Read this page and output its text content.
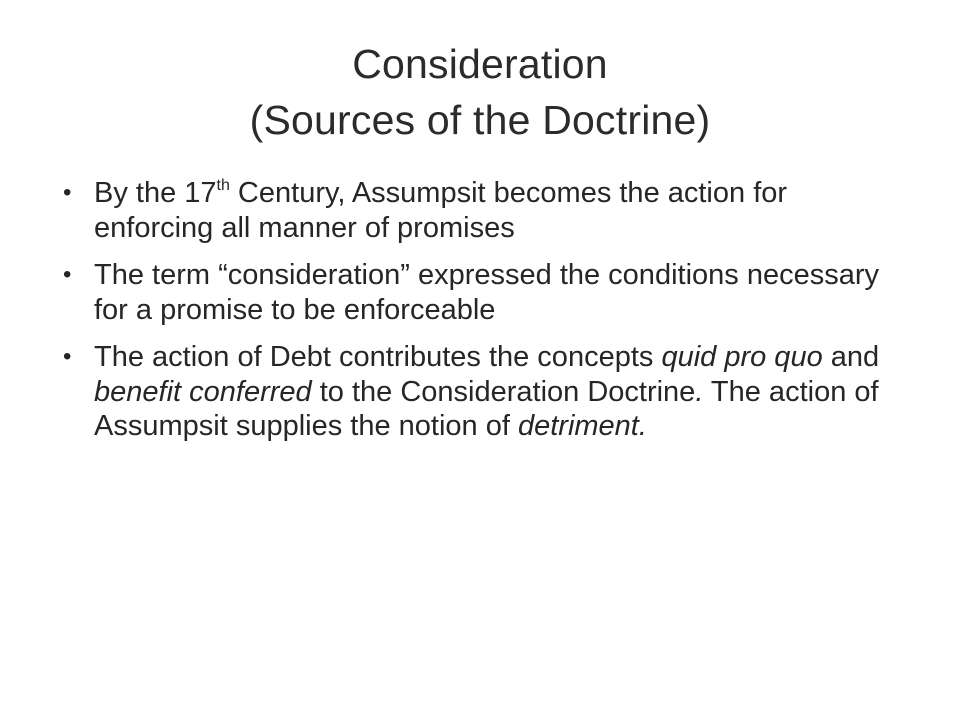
Consideration
(Sources of the Doctrine)
• By the 17th Century, Assumpsit becomes the action for enforcing all manner of promises
• The term “consideration” expressed the conditions necessary for a promise to be enforceable
• The action of Debt contributes the concepts quid pro quo and benefit conferred to the Consideration Doctrine. The action of Assumpsit supplies the notion of detriment.
